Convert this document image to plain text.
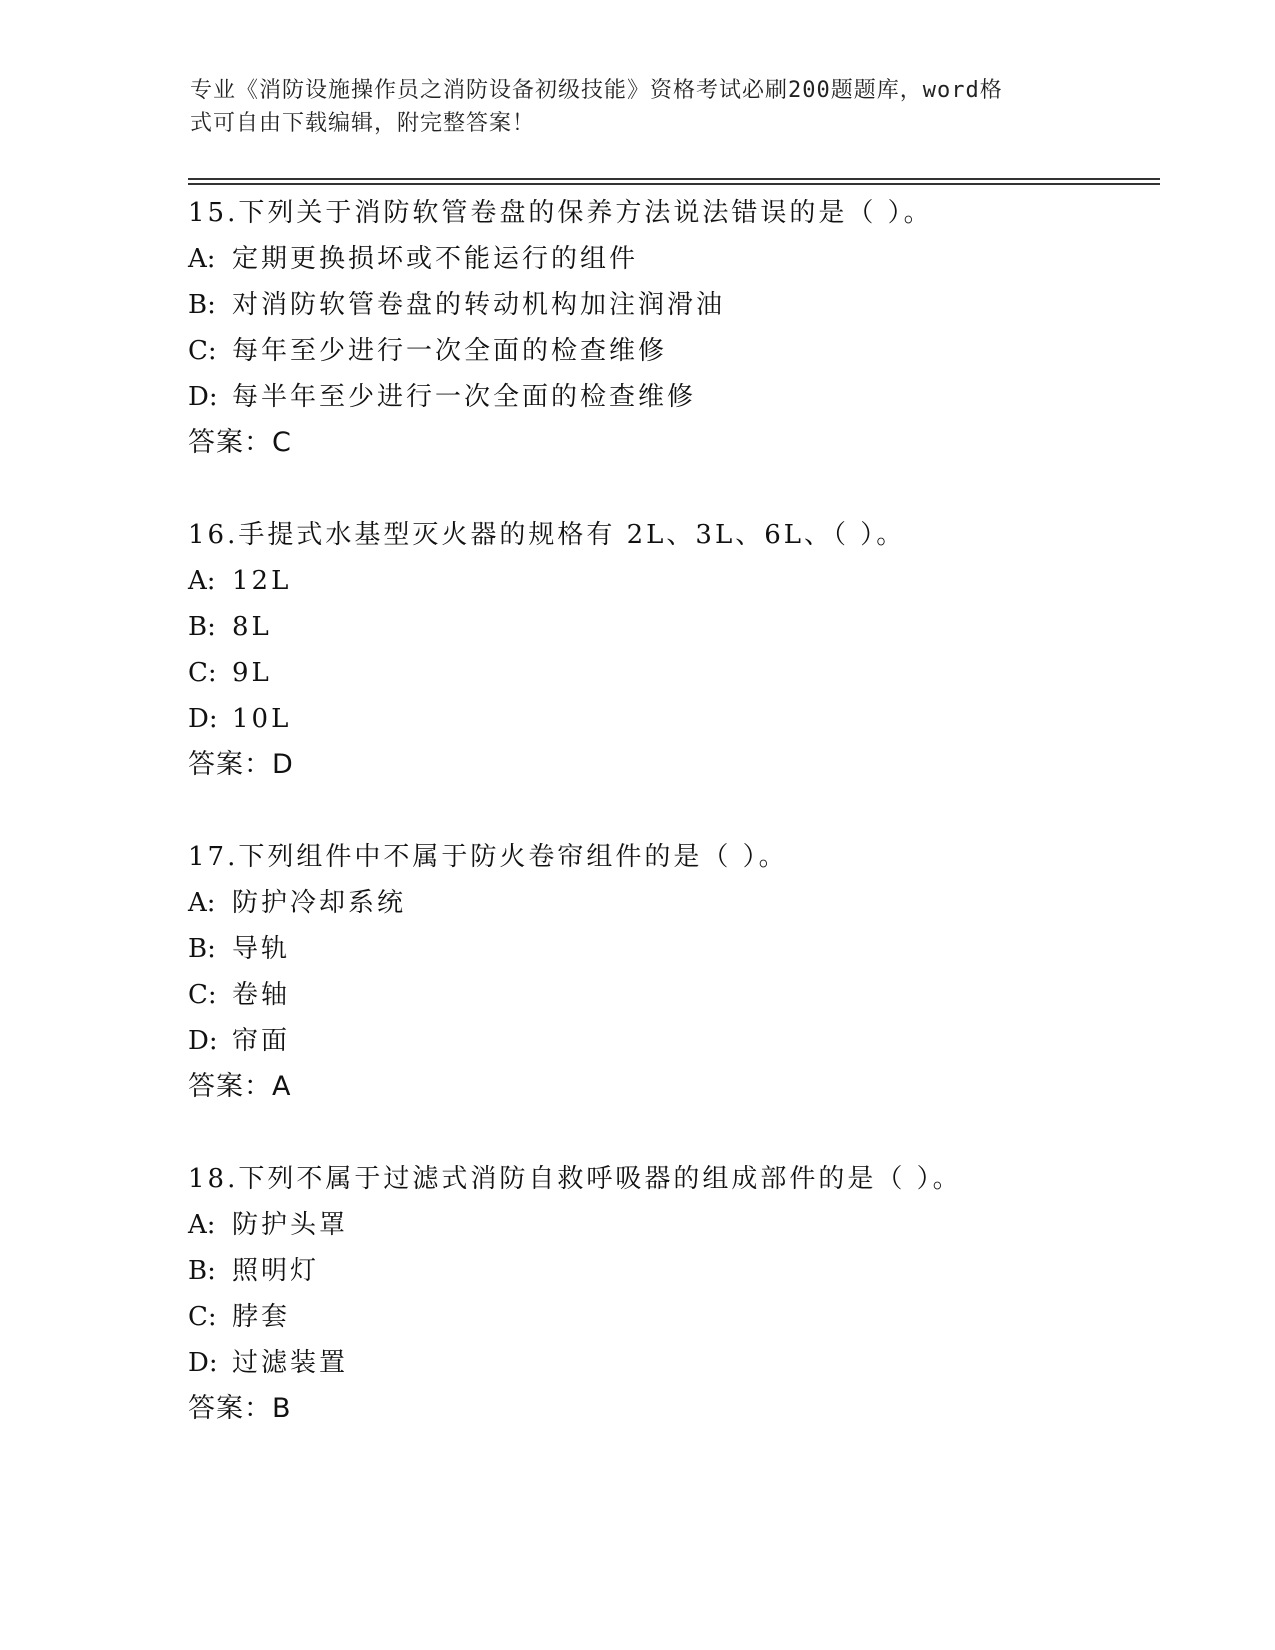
专业《消防设施操作员之消防设备初级技能》资格考试必刷200题题库，word格
式可自由下载编辑，附完整答案！
15.下列关于消防软管卷盘的保养方法说法错误的是（ ）。
A: 定期更换损坏或不能运行的组件
B: 对消防软管卷盘的转动机构加注润滑油
C: 每年至少进行一次全面的检查维修
D: 每半年至少进行一次全面的检查维修
答案：C
16.手提式水基型灭火器的规格有 2L、3L、6L、（ ）。
A: 12L
B: 8L
C: 9L
D: 10L
答案：D
17.下列组件中不属于防火卷帘组件的是（ ）。
A: 防护冷却系统
B: 导轨
C: 卷轴
D: 帘面
答案：A
18.下列不属于过滤式消防自救呼吸器的组成部件的是（ ）。
A: 防护头罩
B: 照明灯
C: 脖套
D: 过滤装置
答案：B
